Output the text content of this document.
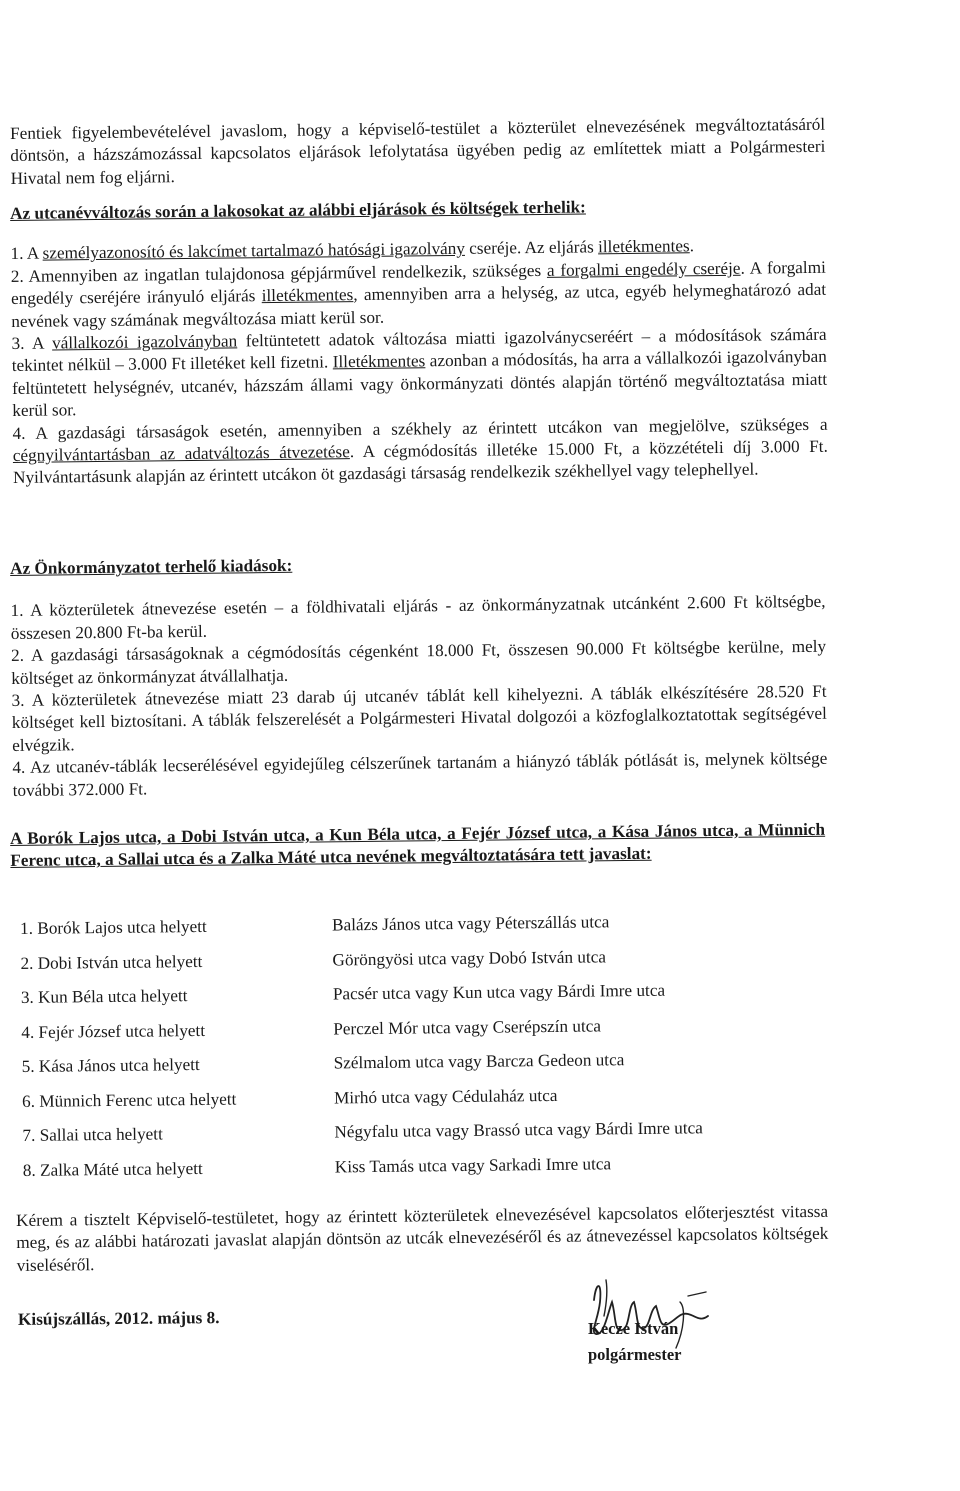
Fentiek figyelembevételével javaslom, hogy a képviselő-testület a közterület elnevezésének megváltoztatásáról döntsön, a házszámozással kapcsolatos eljárások lefolytatása ügyében pedig az említettek miatt a Polgármesteri Hivatal nem fog eljárni.

Az utcanévváltozás során a lakosokat az alábbi eljárások és költségek terhelik:

1. A személyazonosító és lakcímet tartalmazó hatósági igazolvány cseréje. Az eljárás illetékmentes.

2. Amennyiben az ingatlan tulajdonosa gépjárművel rendelkezik, szükséges a forgalmi engedély cseréje. A forgalmi engedély cseréjére irányuló eljárás illetékmentes, amennyiben arra a helység, az utca, egyéb helymeghatározó adat nevének vagy számának megváltozása miatt kerül sor.

3. A vállalkozói igazolványban feltüntetett adatok változása miatti igazolványcseréért – a módosítások számára tekintet nélkül – 3.000 Ft illetéket kell fizetni. Illetékmentes azonban a módosítás, ha arra a vállalkozói igazolványban feltüntetett helységnév, utcanév, házszám állami vagy önkormányzati döntés alapján történő megváltoztatása miatt kerül sor.

4. A gazdasági társaságok esetén, amennyiben a székhely az érintett utcákon van megjelölve, szükséges a cégnyilvántartásban az adatváltozás átvezetése. A cégmódosítás illetéke 15.000 Ft, a közzétételi díj 3.000 Ft. Nyilvántartásunk alapján az érintett utcákon öt gazdasági társaság rendelkezik székhellyel vagy telephellyel.

Az Önkormányzatot terhelő kiadások:

1. A közterületek átnevezése esetén – a földhivatali eljárás - az önkormányzatnak utcánként 2.600 Ft költségbe, összesen 20.800 Ft-ba kerül.

2. A gazdasági társaságoknak a cégmódosítás cégenként 18.000 Ft, összesen 90.000 Ft költségbe kerülne, mely költséget az önkormányzat átvállalhatja.

3. A közterületek átnevezése miatt 23 darab új utcanév táblát kell kihelyezni. A táblák elkészítésére 28.520 Ft költséget kell biztosítani. A táblák felszerelését a Polgármesteri Hivatal dolgozói a közfoglalkoztatottak segítségével elvégzik.

4. Az utcanév-táblák lecserélésével egyidejűleg célszerűnek tartanám a hiányzó táblák pótlását is, melynek költsége további 372.000 Ft.

A Borók Lajos utca, a Dobi István utca, a Kun Béla utca, a Fejér József utca, a Kása János utca, a Münnich Ferenc utca, a Sallai utca és a Zalka Máté utca nevének megváltoztatására tett javaslat:

1. Borók Lajos utca helyett	Balázs János utca vagy Péterszállás utca
2. Dobi István utca helyett	Göröngyösi utca vagy Dobó István utca
3. Kun Béla utca helyett	Pacsér utca vagy Kun utca vagy Bárdi Imre utca
4. Fejér József utca helyett	Perczel Mór utca vagy Cserépszín utca
5. Kása János utca helyett	Szélmalom utca vagy Barcza Gedeon utca
6. Münnich Ferenc utca helyett	Mirhó utca vagy Cédulaház utca
7. Sallai utca helyett	Négyfalu utca vagy Brassó utca vagy Bárdi Imre utca
8. Zalka Máté utca helyett	Kiss Tamás utca vagy Sarkadi Imre utca

Kérem a tisztelt Képviselő-testületet, hogy az érintett közterületek elnevezésével kapcsolatos előterjesztést vitassa meg, és az alábbi határozati javaslat alapján döntsön az utcák elnevezéséről és az átnevezéssel kapcsolatos költségek viseléséről.

Kisújszállás, 2012. május 8.	Kecze István
polgármester
